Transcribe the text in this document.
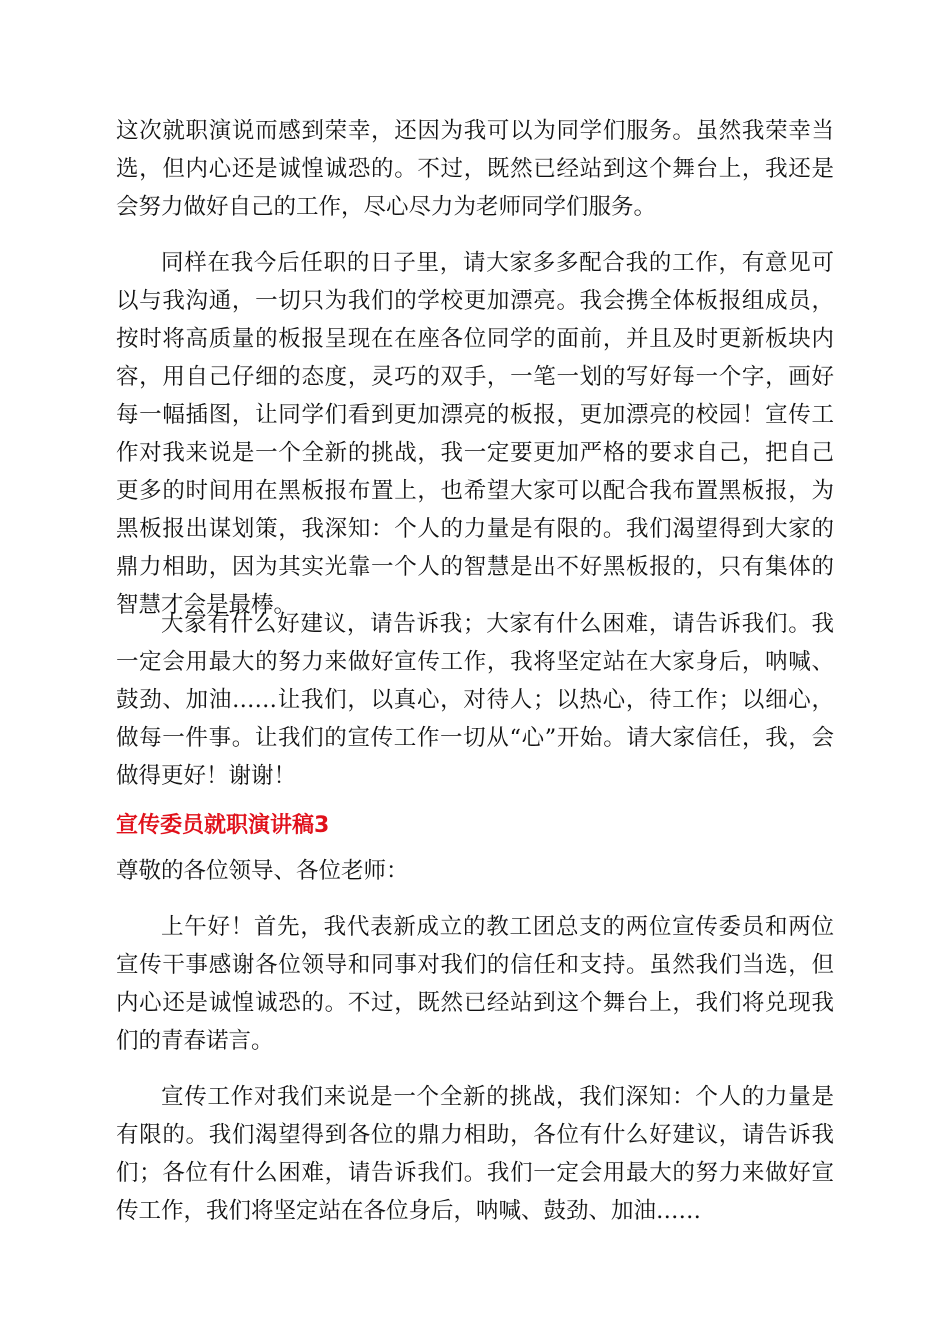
这次就职演说而感到荣幸，还因为我可以为同学们服务。虽然我荣幸当选，但内心还是诚惶诚恐的。不过，既然已经站到这个舞台上，我还是会努力做好自己的工作，尽心尽力为老师同学们服务。

同样在我今后任职的日子里，请大家多多配合我的工作，有意见可以与我沟通，一切只为我们的学校更加漂亮。我会携全体板报组成员，按时将高质量的板报呈现在在座各位同学的面前，并且及时更新板块内容，用自己仔细的态度，灵巧的双手，一笔一划的写好每一个字，画好每一幅插图，让同学们看到更加漂亮的板报，更加漂亮的校园！宣传工作对我来说是一个全新的挑战，我一定要更加严格的要求自己，把自己更多的时间用在黑板报布置上，也希望大家可以配合我布置黑板报，为黑板报出谋划策，我深知：个人的力量是有限的。我们渴望得到大家的鼎力相助，因为其实光靠一个人的智慧是出不好黑板报的，只有集体的智慧才会是最棒。

大家有什么好建议，请告诉我；大家有什么困难，请告诉我们。我一定会用最大的努力来做好宣传工作，我将坚定站在大家身后，呐喊、鼓劲、加油……让我们，以真心，对待人；以热心，待工作；以细心，做每一件事。让我们的宣传工作一切从“心”开始。请大家信任，我，会做得更好！谢谢！

宣传委员就职演讲稿3

尊敬的各位领导、各位老师：

上午好！首先，我代表新成立的教工团总支的两位宣传委员和两位宣传干事感谢各位领导和同事对我们的信任和支持。虽然我们当选，但内心还是诚惶诚恐的。不过，既然已经站到这个舞台上，我们将兑现我们的青春诺言。

宣传工作对我们来说是一个全新的挑战，我们深知：个人的力量是有限的。我们渴望得到各位的鼎力相助，各位有什么好建议，请告诉我们；各位有什么困难，请告诉我们。我们一定会用最大的努力来做好宣传工作，我们将坚定站在各位身后，呐喊、鼓劲、加油……
